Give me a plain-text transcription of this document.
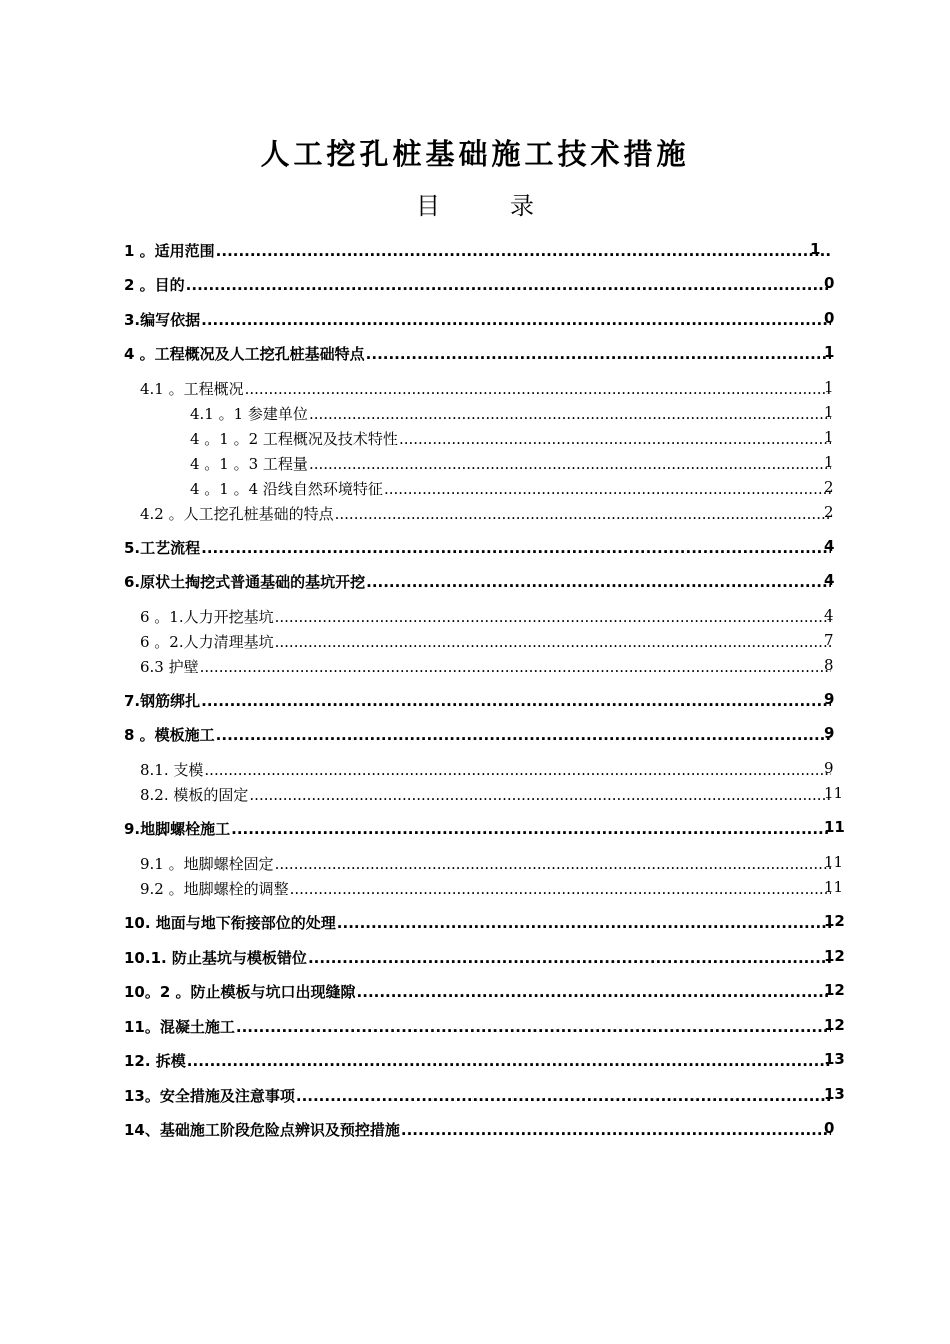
人工挖孔桩基础施工技术措施
目	录
1 。适用范围 .....	1
2 。目的 .....	0
3.编写依据 .....	0
4 。工程概况及人工挖孔桩基础特点 .....	1
4.1 。工程概况 .....	1
4.1 。1 参建单位 .....	1
4 。1 。2 工程概况及技术特性 .....	1
4 。1 。3 工程量 .....	1
4 。1 。4 沿线自然环境特征 .....	2
4.2 。人工挖孔桩基础的特点 .....	2
5.工艺流程 .....	4
6.原状土掏挖式普通基础的基坑开挖 .....	4
6 。1.人力开挖基坑 .....	4
6 。2.人力清理基坑 .....	7
6.3 护壁 .....	8
7.钢筋绑扎 .....	9
8 。模板施工 .....	9
8.1. 支模 .....	9
8.2. 模板的固定 .....	11
9.地脚螺栓施工 .....	11
9.1 。地脚螺栓固定 .....	11
9.2 。地脚螺栓的调整 .....	11
10. 地面与地下衔接部位的处理 .....	12
10.1. 防止基坑与模板错位 .....	12
10。2 。防止模板与坑口出现缝隙 .....	12
11。混凝土施工 .....	12
12. 拆模 .....	13
13。安全措施及注意事项 .....	13
14、基础施工阶段危险点辨识及预控措施 .....	0
